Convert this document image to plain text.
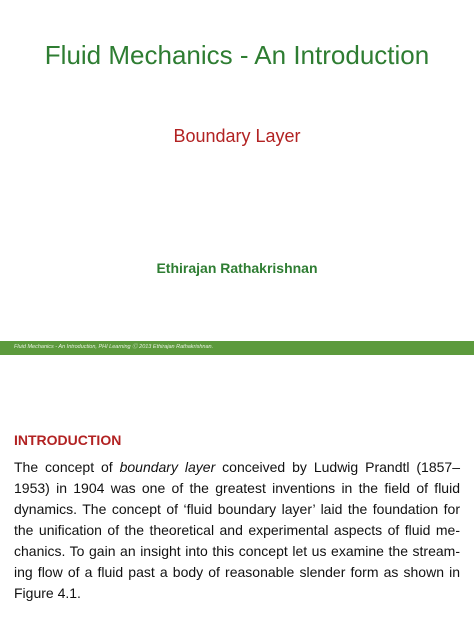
Fluid Mechanics - An Introduction
Boundary Layer
Ethirajan Rathakrishnan
Fluid Mechanics - An Introduction, PHI Learning Ⓒ 2013 Ethirajan Rathakrishnan.
INTRODUCTION
The concept of boundary layer conceived by Ludwig Prandtl (1857–
1953) in 1904 was one of the greatest inventions in the field of fluid
dynamics. The concept of ‘fluid boundary layer’ laid the foundation for
the unification of the theoretical and experimental aspects of fluid me-
chanics. To gain an insight into this concept let us examine the stream-
ing flow of a fluid past a body of reasonable slender form as shown in
Figure 4.1.
